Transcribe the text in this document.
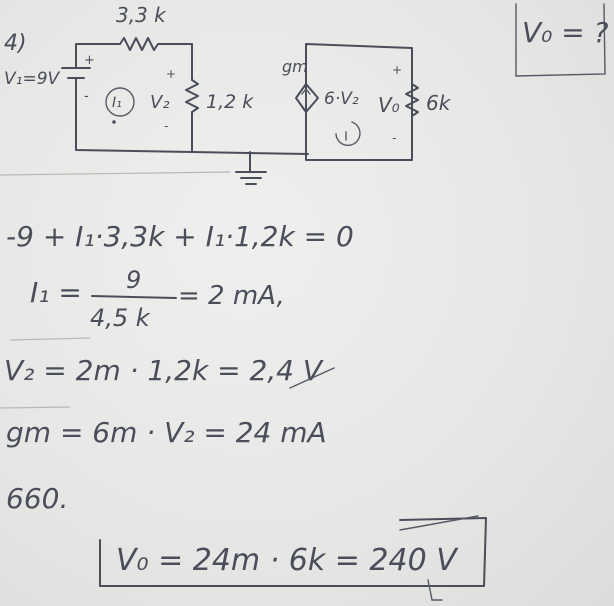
V₀ = ?
4)
V₁=9V
+
-
3,3 k
1,2 k
I₁
+
V₂
-
gm
6·V₂
+
V₀
-
6k
-9 + I₁·3,3k + I₁·1,2k = 0
I₁ = 9
4,5 k
= 2 mA,
V₂ = 2m · 1,2k = 2,4 V
gm = 6m · V₂ = 24 mA
660.
V₀ = 24m · 6k = 240 V
